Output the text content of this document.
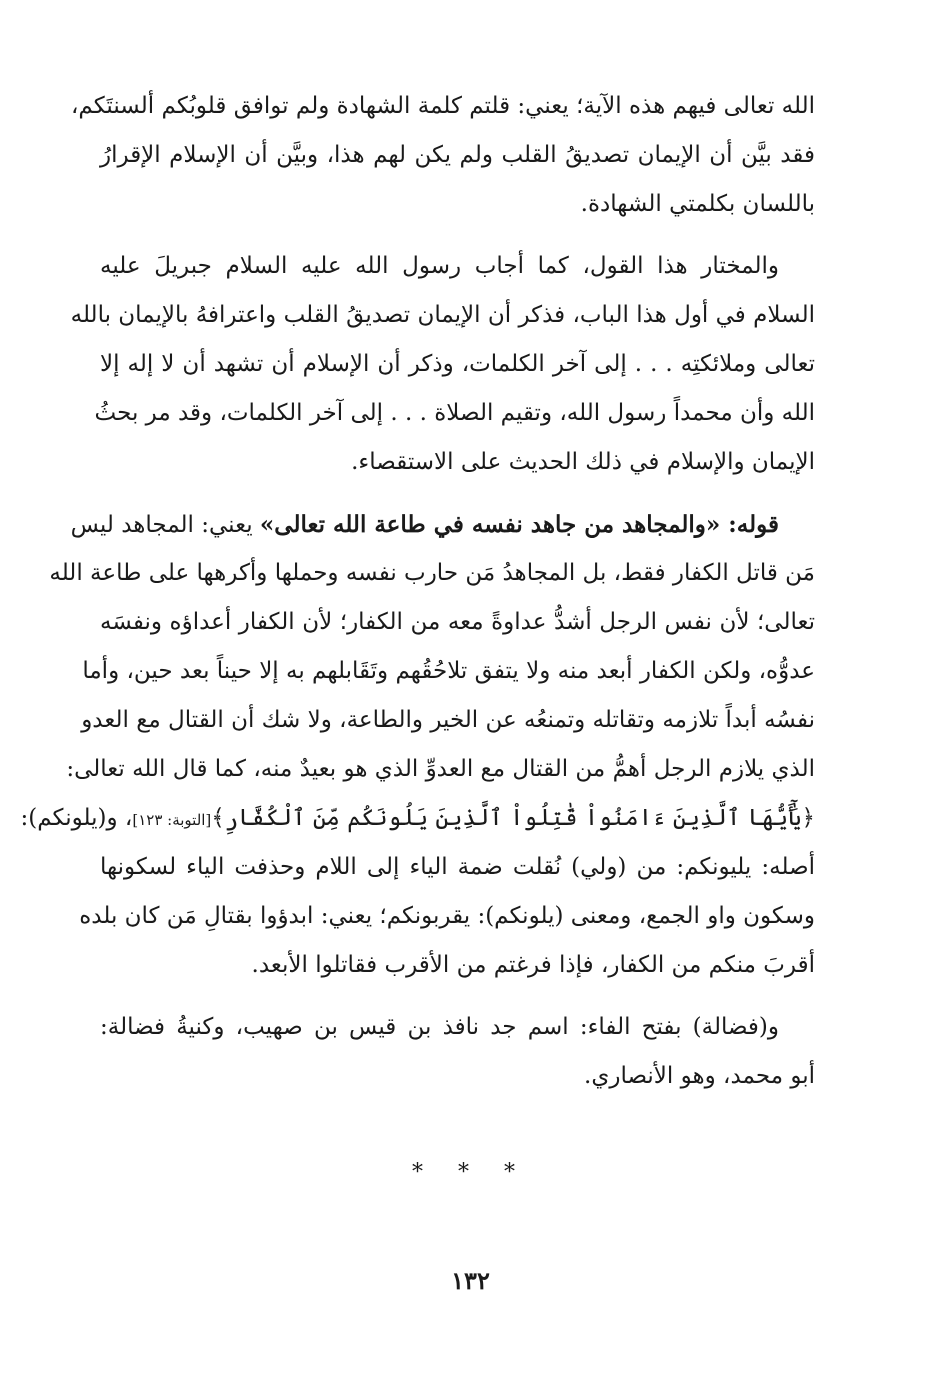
الله تعالى فيهم هذه الآية؛ يعني: قلتم كلمة الشهادة ولم توافق قلوبُكم ألسنتَكم،
فقد بيَّن أن الإيمان تصديقُ القلب ولم يكن لهم هذا، وبيَّن أن الإسلام الإقرارُ
باللسان بكلمتي الشهادة.
والمختار هذا القول، كما أجاب رسول الله عليه السلام جبريلَ عليه
السلام في أول هذا الباب، فذكر أن الإيمان تصديقُ القلب واعترافهُ بالإيمان بالله
تعالى وملائكتِه . . . إلى آخر الكلمات، وذكر أن الإسلام أن تشهد أن لا إله إلا
الله وأن محمداً رسول الله، وتقيم الصلاة . . . إلى آخر الكلمات، وقد مر بحثُ
الإيمان والإسلام في ذلك الحديث على الاستقصاء.
قوله: «والمجاهد من جاهد نفسه في طاعة الله تعالى» يعني: المجاهد ليس
مَن قاتل الكفار فقط، بل المجاهدُ مَن حارب نفسه وحملها وأكرهها على طاعة الله
تعالى؛ لأن نفس الرجل أشدُّ عداوةً معه من الكفار؛ لأن الكفار أعداؤه ونفسَه
عدوُّه، ولكن الكفار أبعد منه ولا يتفق تلاحُقُهم وتَقَابلهم به إلا حيناً بعد حين، وأما
نفسُه أبداً تلازمه وتقاتله وتمنعُه عن الخير والطاعة، ولا شك أن القتال مع العدو
الذي يلازم الرجل أهمُّ من القتال مع العدوِّ الذي هو بعيدٌ منه، كما قال الله تعالى:
﴿يَٰٓأَيُّهَا ٱلَّذِينَ ءَامَنُواْ قَٰتِلُواْ ٱلَّذِينَ يَلُونَكُم مِّنَ ٱلْكُفَّارِ﴾[التوبة: ١٢٣]، و(يلونكم):
أصله: يليونكم: من (ولي) نُقلت ضمة الياء إلى اللام وحذفت الياء لسكونها
وسكون واو الجمع، ومعنى (يلونكم): يقربونكم؛ يعني: ابدؤوا بقتالِ مَن كان بلده
أقربَ منكم من الكفار، فإذا فرغتم من الأقرب فقاتلوا الأبعد.
و(فضالة) بفتح الفاء: اسم جد نافذ بن قيس بن صهيب، وكنيةُ فضالة:
أبو محمد، وهو الأنصاري.
* * *
١٣٢
